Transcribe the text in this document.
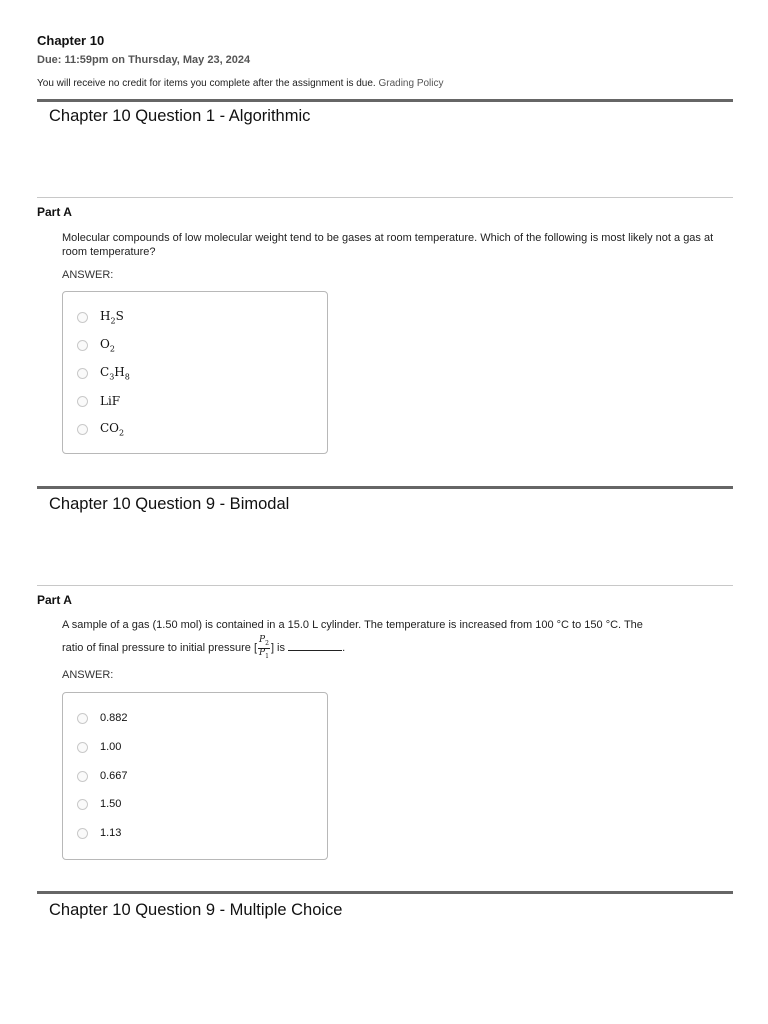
Chapter 10
Due: 11:59pm on Thursday, May 23, 2024
You will receive no credit for items you complete after the assignment is due. Grading Policy
Chapter 10 Question 1 - Algorithmic
Part A
Molecular compounds of low molecular weight tend to be gases at room temperature. Which of the following is most likely not a gas at room temperature?
ANSWER:
$H_2S$
$O_2$
$C_3H_8$
LiF
$CO_2$
Chapter 10 Question 9 - Bimodal
Part A
A sample of a gas (1.50 mol) is contained in a 15.0 L cylinder. The temperature is increased from 100 °C to 150 °C. The
ratio of final pressure to initial pressure [ $\frac{P_2}{P_1}$ ] is	.
ANSWER:
0.882
1.00
0.667
1.50
1.13
Chapter 10 Question 9 - Multiple Choice
